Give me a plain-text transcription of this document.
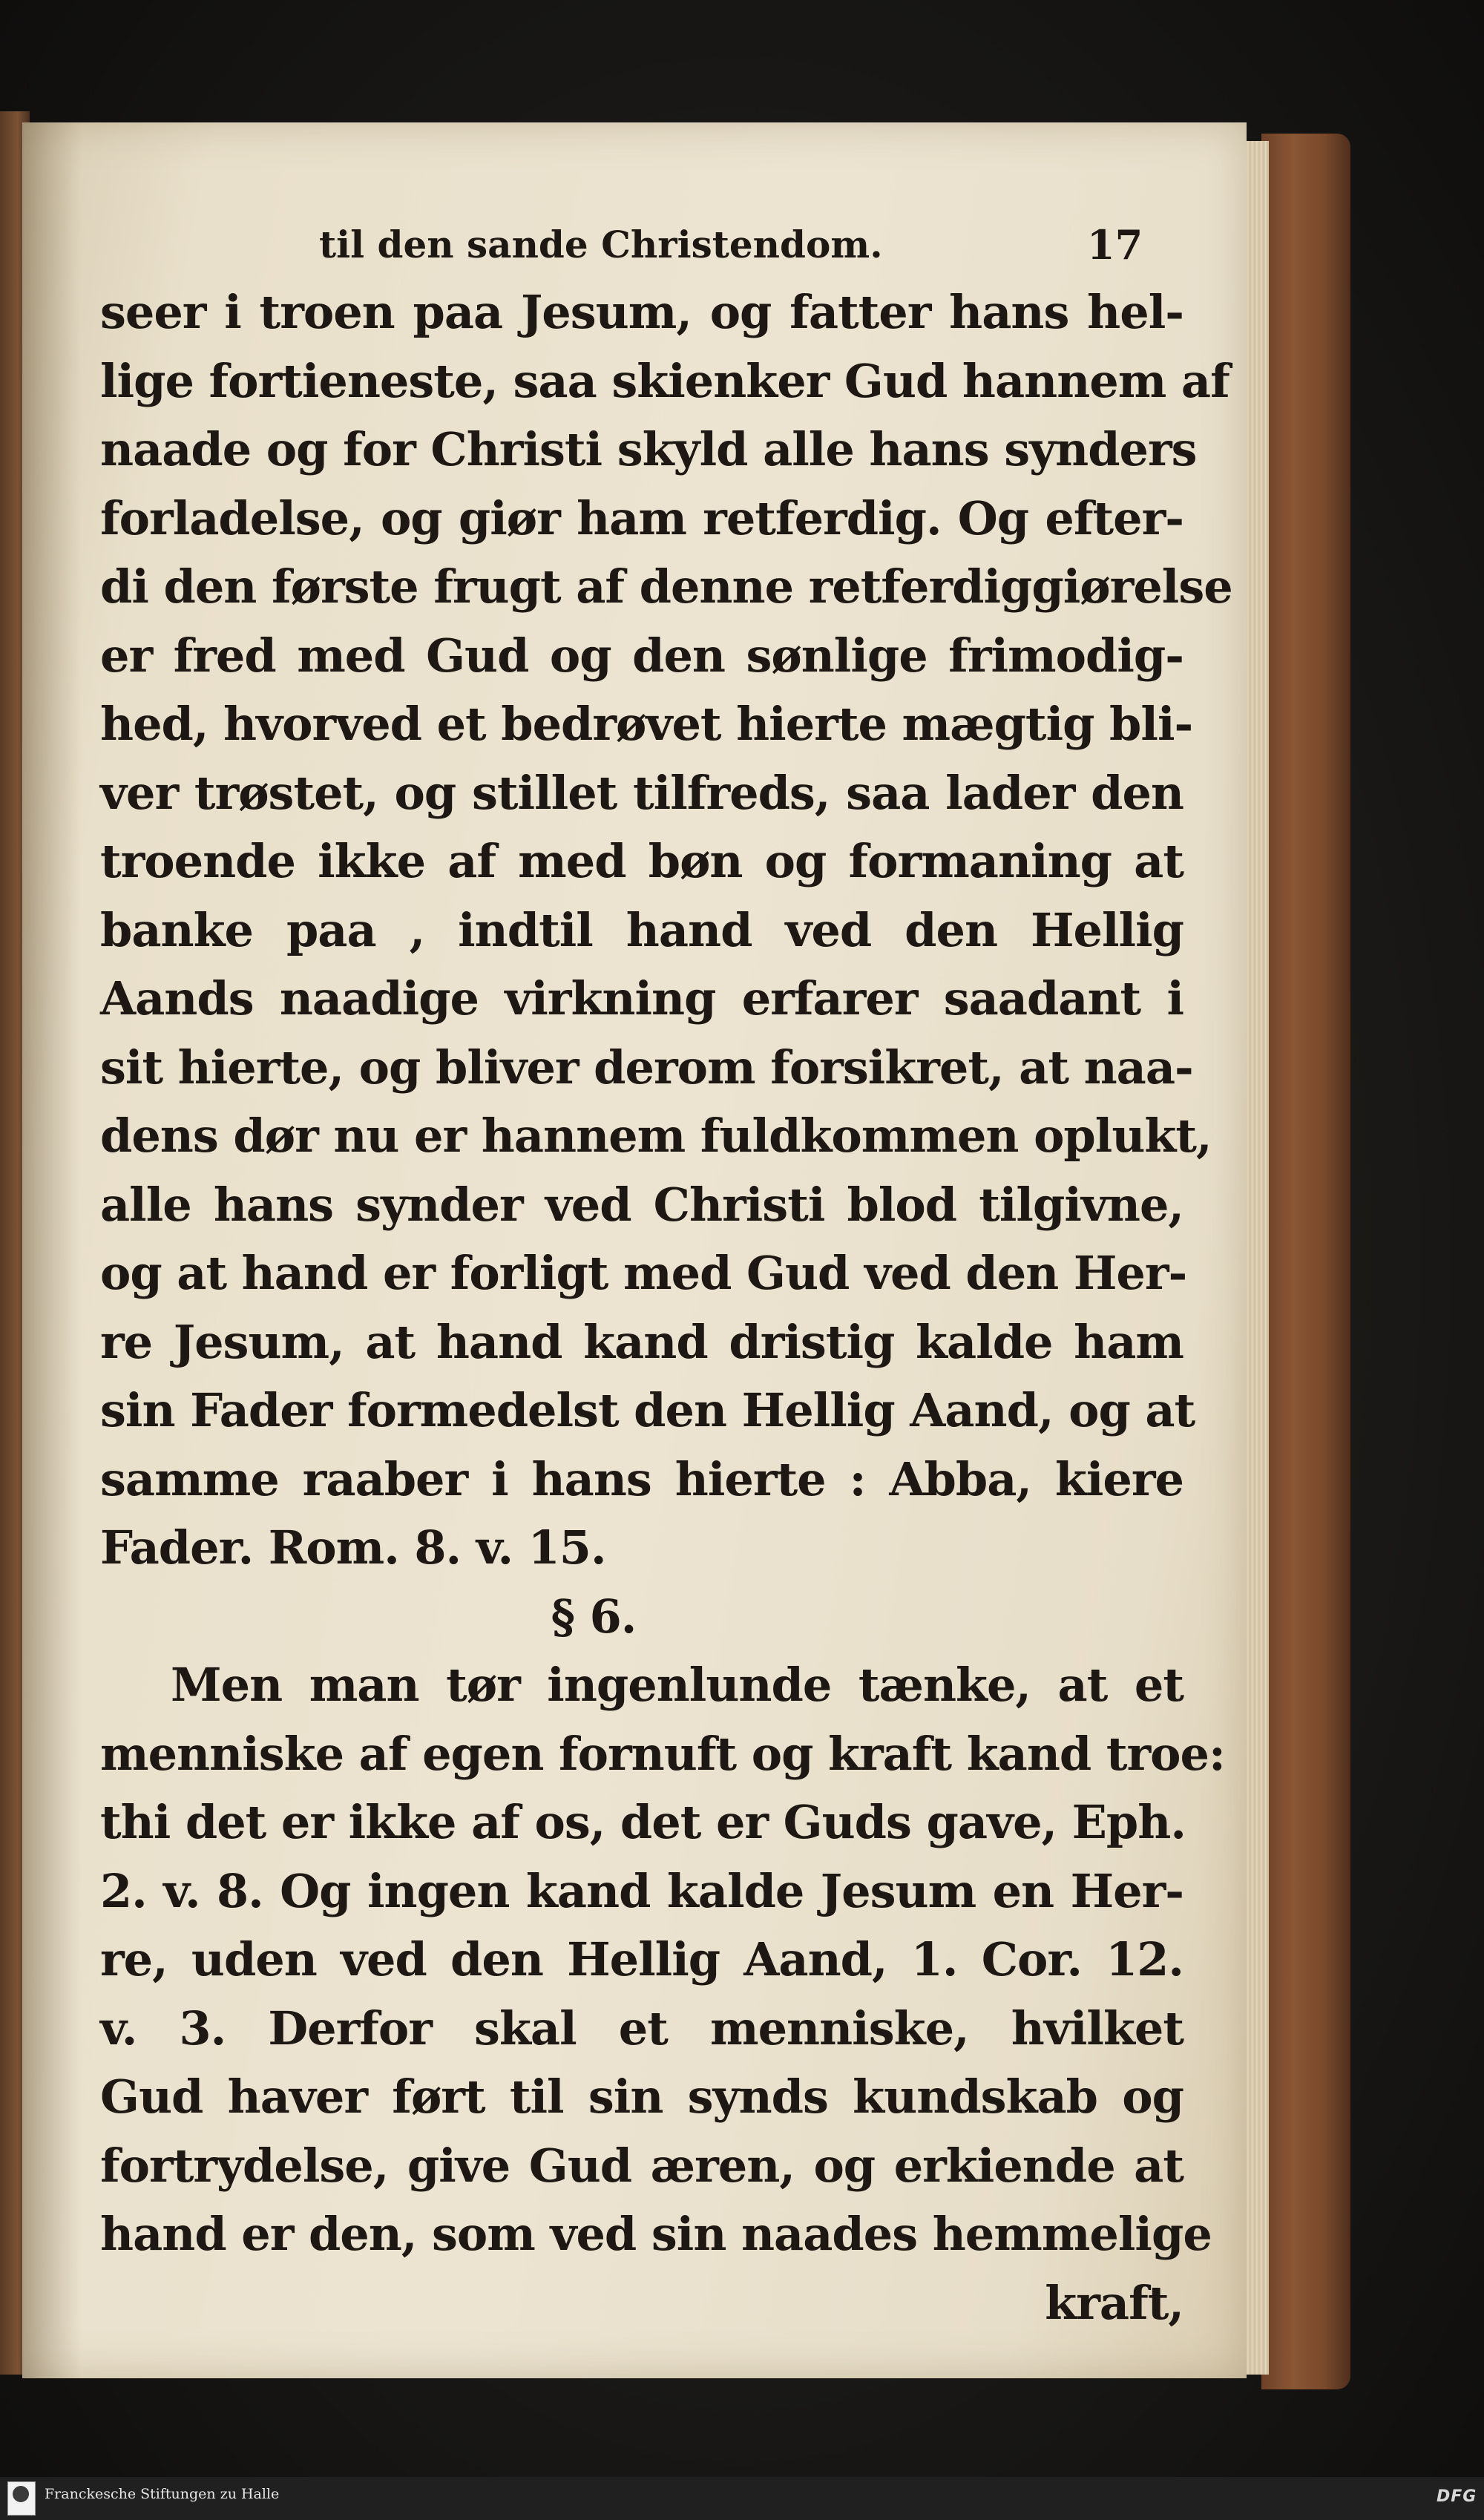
til den sande Christendom.	17
seer i troen paa Jesum, og fatter hans hel-
lige fortieneste, saa skienker Gud hannem af
naade og for Christi skyld alle hans synders
forladelse, og giør ham retferdig. Og efter-
di den første frugt af denne retferdiggiørelse
er fred med Gud og den sønlige frimodig-
hed, hvorved et bedrøvet hierte mægtig bli-
ver trøstet, og stillet tilfreds, saa lader den
troende ikke af med bøn og formaning at
banke paa , indtil hand ved den Hellig
Aands naadige virkning erfarer saadant i
sit hierte, og bliver derom forsikret, at naa-
dens dør nu er hannem fuldkommen oplukt,
alle hans synder ved Christi blod tilgivne,
og at hand er forligt med Gud ved den Her-
re Jesum, at hand kand dristig kalde ham
sin Fader formedelst den Hellig Aand, og at
samme raaber i hans hierte : Abba, kiere
Fader. Rom. 8. v. 15.
§ 6.
Men man tør ingenlunde tænke, at et
menniske af egen fornuft og kraft kand troe:
thi det er ikke af os, det er Guds gave, Eph.
2. v. 8. Og ingen kand kalde Jesum en Her-
re, uden ved den Hellig Aand, 1. Cor. 12.
v. 3. Derfor skal et menniske, hvilket
Gud haver ført til sin synds kundskab og
fortrydelse, give Gud æren, og erkiende at
hand er den, som ved sin naades hemmelige
kraft,
Franckesche Stiftungen zu Halle	DFG
